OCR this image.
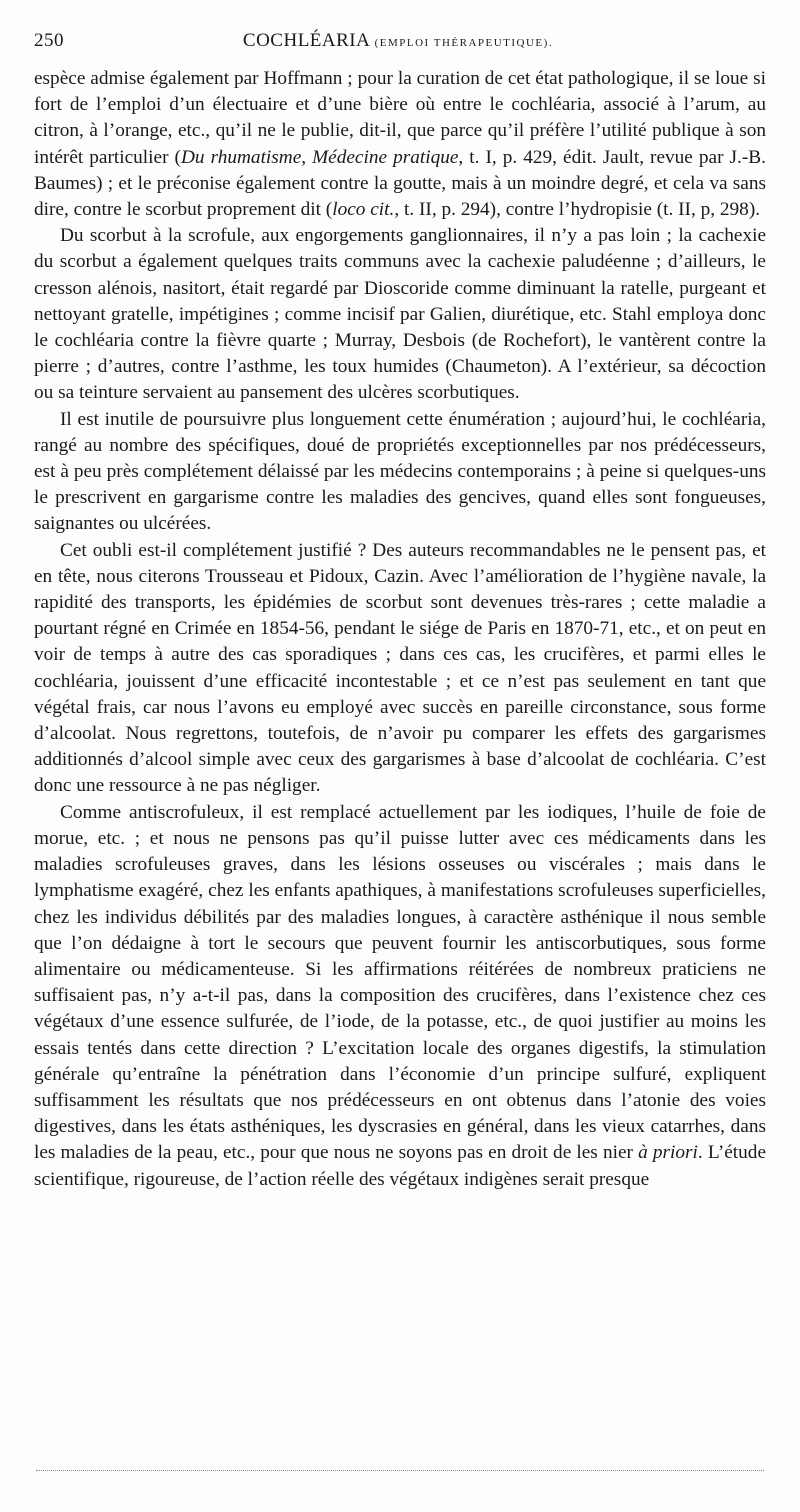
250	COCHLÉARIA (EMPLOI THÉRAPEUTIQUE).

espèce admise également par Hoffmann ; pour la curation de cet état pathologique, il se loue si fort de l’emploi d’un électuaire et d’une bière où entre le cochléaria, associé à l’arum, au citron, à l’orange, etc., qu’il ne le publie, dit-il, que parce qu’il préfère l’utilité publique à son intérêt particulier (Du rhumatisme, Médecine pratique, t. I, p. 429, édit. Jault, revue par J.-B. Baumes) ; et le préconise également contre la goutte, mais à un moindre degré, et cela va sans dire, contre le scorbut proprement dit (loco cit., t. II, p. 294), contre l’hydropisie (t. II, p, 298).

Du scorbut à la scrofule, aux engorgements ganglionnaires, il n’y a pas loin ; la cachexie du scorbut a également quelques traits communs avec la cachexie paludéenne ; d’ailleurs, le cresson alénois, nasitort, était regardé par Dioscoride comme diminuant la ratelle, purgeant et nettoyant gratelle, impétigines ; comme incisif par Galien, diurétique, etc. Stahl employa donc le cochléaria contre la fièvre quarte ; Murray, Desbois (de Rochefort), le vantèrent contre la pierre ; d’autres, contre l’asthme, les toux humides (Chaumeton). A l’extérieur, sa décoction ou sa teinture servaient au pansement des ulcères scorbutiques.

Il est inutile de poursuivre plus longuement cette énumération ; aujourd’hui, le cochléaria, rangé au nombre des spécifiques, doué de propriétés exceptionnelles par nos prédécesseurs, est à peu près complétement délaissé par les médecins contemporains ; à peine si quelques-uns le prescrivent en gargarisme contre les maladies des gencives, quand elles sont fongueuses, saignantes ou ulcérées.

Cet oubli est-il complétement justifié ? Des auteurs recommandables ne le pensent pas, et en tête, nous citerons Trousseau et Pidoux, Cazin. Avec l’amélioration de l’hygiène navale, la rapidité des transports, les épidémies de scorbut sont devenues très-rares ; cette maladie a pourtant régné en Crimée en 1854-56, pendant le siége de Paris en 1870-71, etc., et on peut en voir de temps à autre des cas sporadiques ; dans ces cas, les crucifères, et parmi elles le cochléaria, jouissent d’une efficacité incontestable ; et ce n’est pas seulement en tant que végétal frais, car nous l’avons eu employé avec succès en pareille circonstance, sous forme d’alcoolat. Nous regrettons, toutefois, de n’avoir pu comparer les effets des gargarismes additionnés d’alcool simple avec ceux des gargarismes à base d’alcoolat de cochléaria. C’est donc une ressource à ne pas négliger.

Comme antiscrofuleux, il est remplacé actuellement par les iodiques, l’huile de foie de morue, etc. ; et nous ne pensons pas qu’il puisse lutter avec ces médicaments dans les maladies scrofuleuses graves, dans les lésions osseuses ou viscérales ; mais dans le lymphatisme exagéré, chez les enfants apathiques, à manifestations scrofuleuses superficielles, chez les individus débilités par des maladies longues, à caractère asthénique il nous semble que l’on dédaigne à tort le secours que peuvent fournir les antiscorbutiques, sous forme alimentaire ou médicamenteuse. Si les affirmations réitérées de nombreux praticiens ne suffisaient pas, n’y a-t-il pas, dans la composition des crucifères, dans l’existence chez ces végétaux d’une essence sulfurée, de l’iode, de la potasse, etc., de quoi justifier au moins les essais tentés dans cette direction ? L’excitation locale des organes digestifs, la stimulation générale qu’entraîne la pénétration dans l’économie d’un principe sulfuré, expliquent suffisamment les résultats que nos prédécesseurs en ont obtenus dans l’atonie des voies digestives, dans les états asthéniques, les dyscrasies en général, dans les vieux catarrhes, dans les maladies de la peau, etc., pour que nous ne soyons pas en droit de les nier à priori. L’étude scientifique, rigoureuse, de l’action réelle des végétaux indigènes serait presque
